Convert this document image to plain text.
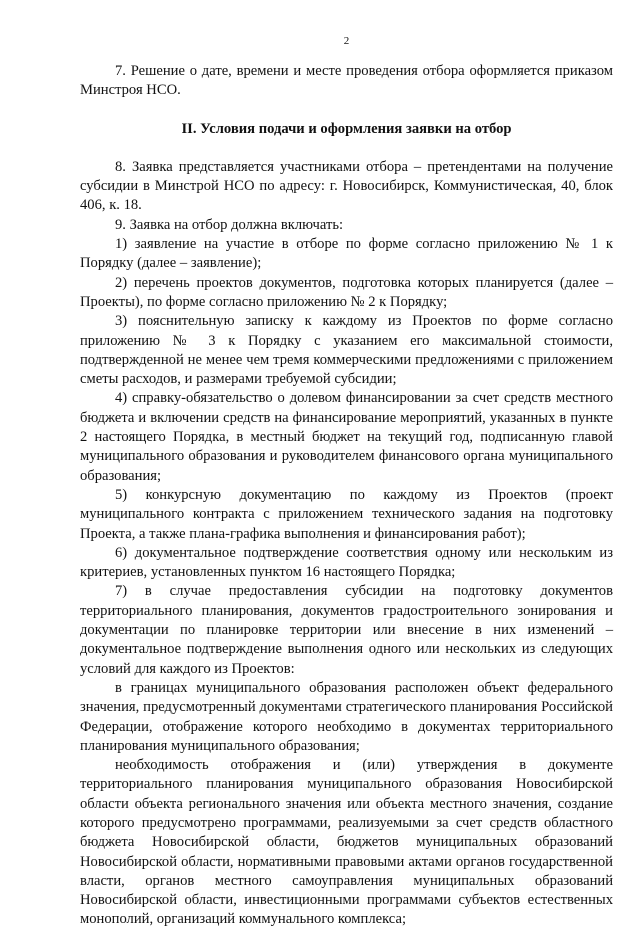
2

7. Решение о дате, времени и месте проведения отбора оформляется приказом Минстроя НСО.

II. Условия подачи и оформления заявки на отбор

8. Заявка представляется участниками отбора – претендентами на получение субсидии в Минстрой НСО по адресу: г. Новосибирск, Коммунистическая, 40, блок 406, к. 18.

9. Заявка на отбор должна включать:

1) заявление на участие в отборе по форме согласно приложению № 1 к Порядку (далее – заявление);

2) перечень проектов документов, подготовка которых планируется (далее – Проекты), по форме согласно приложению № 2 к Порядку;

3) пояснительную записку к каждому из Проектов по форме согласно приложению № 3 к Порядку с указанием его максимальной стоимости, подтвержденной не менее чем тремя коммерческими предложениями с приложением сметы расходов, и размерами требуемой субсидии;

4) справку-обязательство о долевом финансировании за счет средств местного бюджета и включении средств на финансирование мероприятий, указанных в пункте 2 настоящего Порядка, в местный бюджет на текущий год, подписанную главой муниципального образования и руководителем финансового органа муниципального образования;

5) конкурсную документацию по каждому из Проектов (проект муниципального контракта с приложением технического задания на подготовку Проекта, а также плана-графика выполнения и финансирования работ);

6) документальное подтверждение соответствия одному или нескольким из критериев, установленных пунктом 16 настоящего Порядка;

7) в случае предоставления субсидии на подготовку документов территориального планирования, документов градостроительного зонирования и документации по планировке территории или внесение в них изменений – документальное подтверждение выполнения одного или нескольких из следующих условий для каждого из Проектов:

в границах муниципального образования расположен объект федерального значения, предусмотренный документами стратегического планирования Российской Федерации, отображение которого необходимо в документах территориального планирования муниципального образования;

необходимость отображения и (или) утверждения в документе территориального планирования муниципального образования Новосибирской области объекта регионального значения или объекта местного значения, создание которого предусмотрено программами, реализуемыми за счет средств областного бюджета Новосибирской области, бюджетов муниципальных образований Новосибирской области, нормативными правовыми актами органов государственной власти, органов местного самоуправления муниципальных образований Новосибирской области, инвестиционными программами субъектов естественных монополий, организаций коммунального комплекса;
